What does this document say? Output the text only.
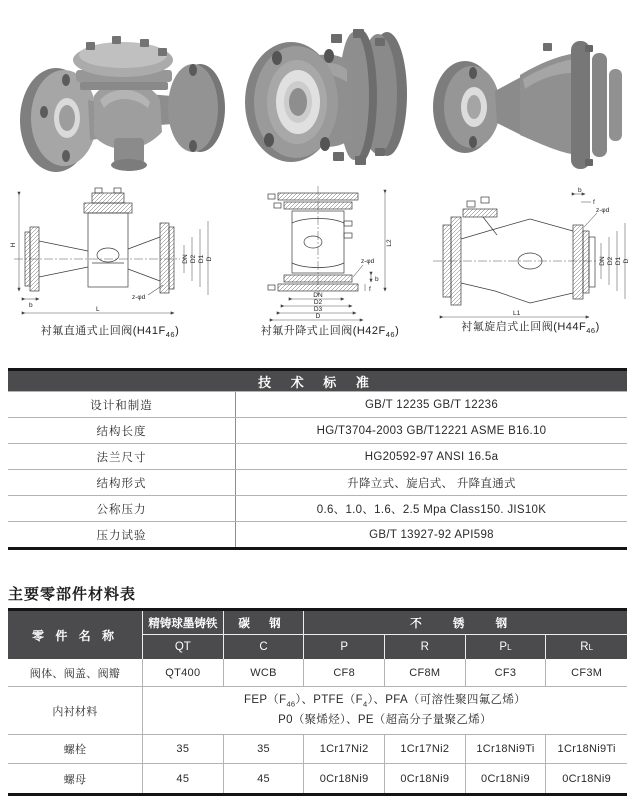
H
b
L
z-φd
DN D2 D1 D
L2
z-φd
b
f
DN
D2
D3
D
b
f
z-φd
DN D2 D1 D
L1
衬氟直通式止回阀$(H41F_{46})$	衬氟升降式止回阀$(H42F_{46})$	衬氟旋启式止回阀$(H44F_{46})$
技 术 标 准
设计和制造	GB/T 12235 GB/T 12236
结构长度	HG/T3704-2003 GB/T12221 ASME B16.10
法兰尺寸	HG20592-97 ANSI 16.5a
结构形式	升降立式、旋启式、 升降直通式
公称压力	0.6、1.0、1.6、2.5 Mpa Class150. JIS10K
压力试验	GB/T 13927-92 API598
主要零部件材料表
零 件 名 称
精铸球墨铸铁	碳 钢	不 锈 钢
QT	C	P	R	P L	R L
阀体、阀盖、阀瓣	QT400	WCB	CF8	CF8M	CF3	CF3M
内衬材料
$FEP(F_{46})$、$PTFE(F_4)$、PFA（可溶性聚四氟乙烯）
P0（聚烯烃）、PE（超高分子量聚乙烯）
螺栓	35	35	1Cr17Ni2	1Cr17Ni2	1Cr18Ni9Ti	1Cr18Ni9Ti
螺母	45	45	0Cr18Ni9	0Cr18Ni9	0Cr18Ni9	0Cr18Ni9
